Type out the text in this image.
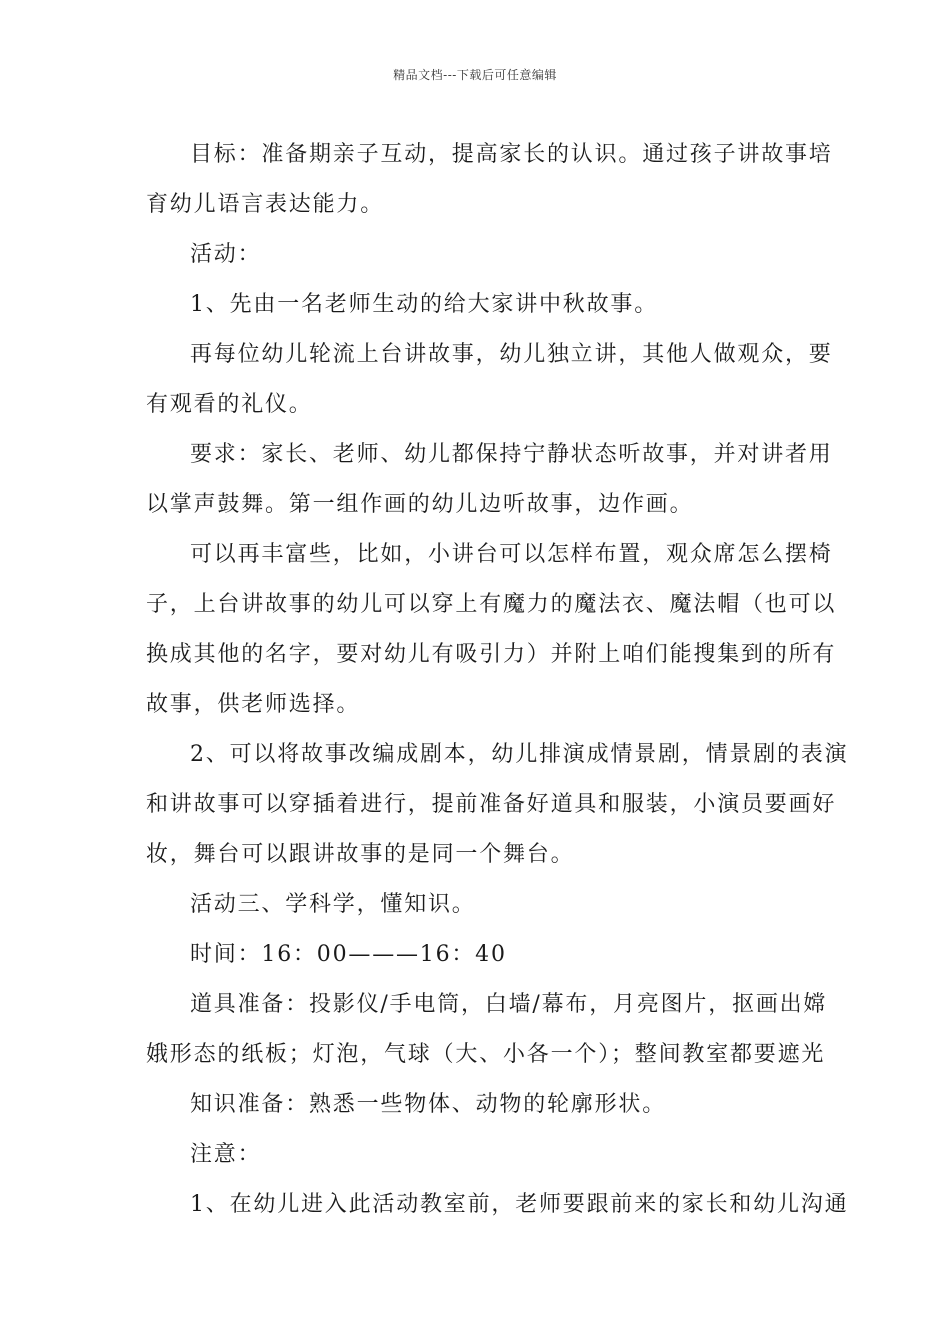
精品文档---下载后可任意编辑

目标：准备期亲子互动，提高家长的认识。通过孩子讲故事培
育幼儿语言表达能力。

活动：

1、先由一名老师生动的给大家讲中秋故事。

再每位幼儿轮流上台讲故事，幼儿独立讲，其他人做观众，要
有观看的礼仪。

要求：家长、老师、幼儿都保持宁静状态听故事，并对讲者用
以掌声鼓舞。第一组作画的幼儿边听故事，边作画。

可以再丰富些，比如，小讲台可以怎样布置，观众席怎么摆椅
子，上台讲故事的幼儿可以穿上有魔力的魔法衣、魔法帽（也可以
换成其他的名字，要对幼儿有吸引力）并附上咱们能搜集到的所有
故事，供老师选择。

2、可以将故事改编成剧本，幼儿排演成情景剧，情景剧的表演
和讲故事可以穿插着进行，提前准备好道具和服装，小演员要画好
妆，舞台可以跟讲故事的是同一个舞台。

活动三、学科学，懂知识。

时间：16：00———16：40

道具准备：投影仪/手电筒，白墙/幕布，月亮图片，抠画出嫦
娥形态的纸板；灯泡，气球（大、小各一个）；整间教室都要遮光

知识准备：熟悉一些物体、动物的轮廓形状。

注意：

1、在幼儿进入此活动教室前，老师要跟前来的家长和幼儿沟通
